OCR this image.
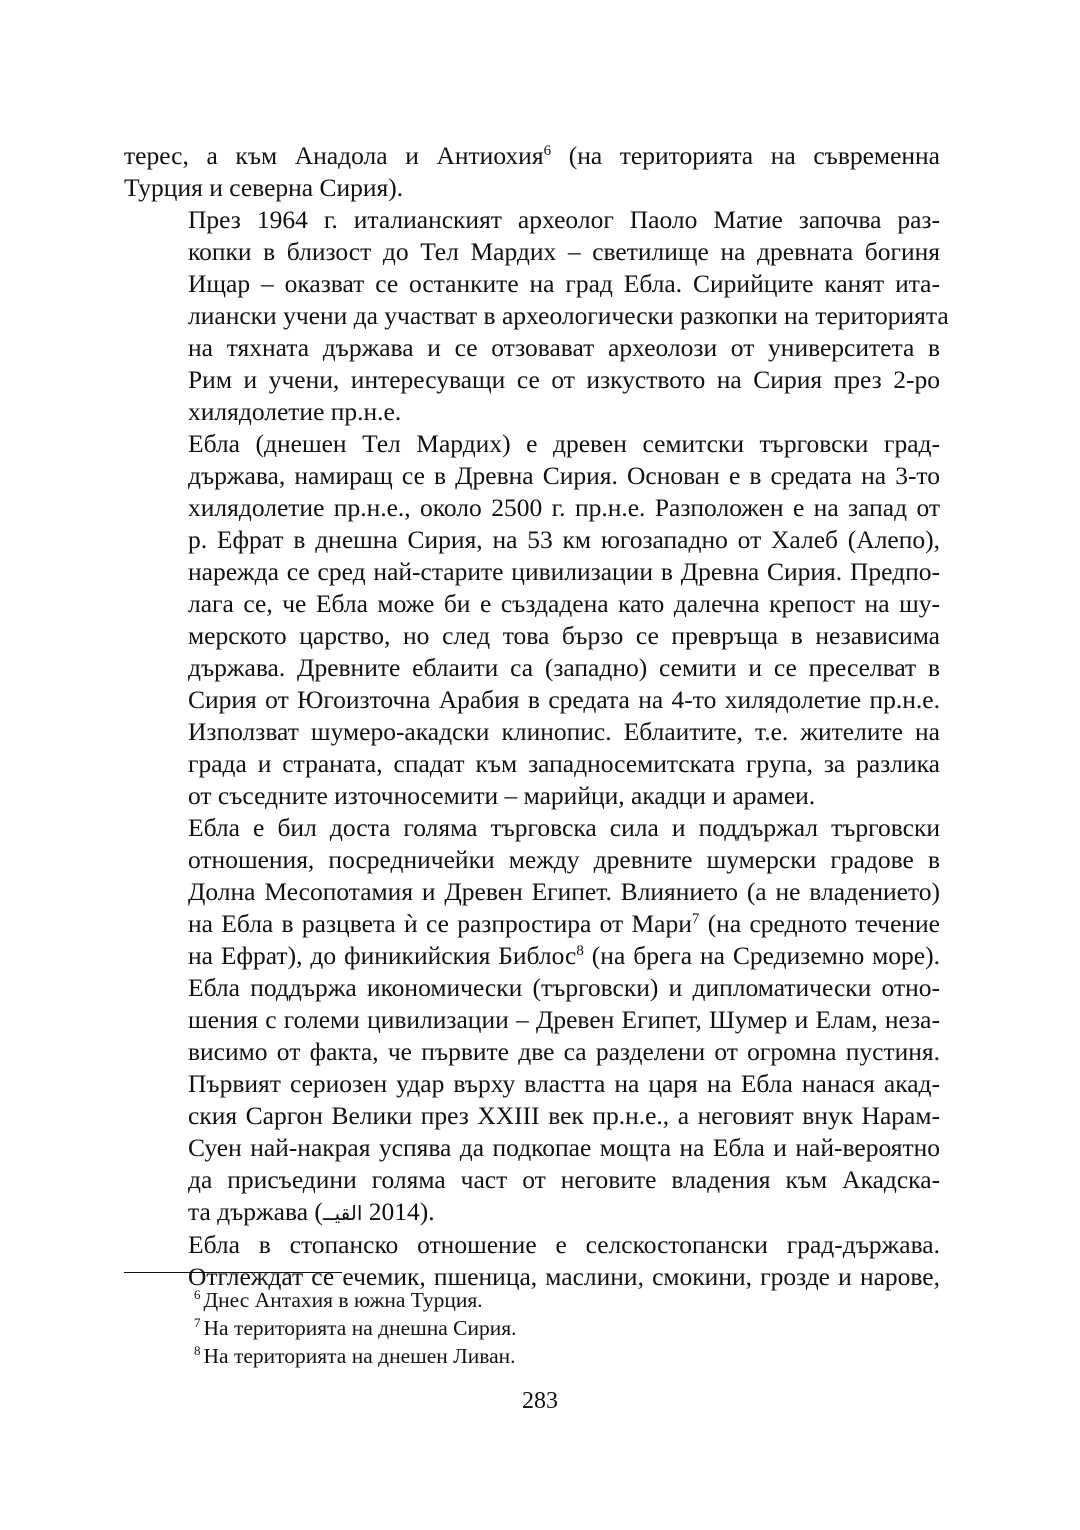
терес, а към Анадола и Антиохия$^6$ (на територията на съвременна
Турция и северна Сирия).

През 1964 г. италианският археолог Паоло Матие започва раз-
копки в близост до Тел Мардих – светилище на древната богиня
Ищар – оказват се останките на град Ебла. Сирийците канят ита-
лиански учени да участват в археологически разкопки на територията
на тяхната държава и се отзовават археолози от университета в
Рим и учени, интересуващи се от изкуството на Сирия през 2-ро
хилядолетие пр.н.е.

Ебла (днешен Тел Мардих) е древен семитски търговски град-
държава, намиращ се в Древна Сирия. Основан е в средата на 3-то
хилядолетие пр.н.е., около 2500 г. пр.н.е. Разположен е на запад от
р. Ефрат в днешна Сирия, на 53 км югозападно от Халеб (Алепо),
нарежда се сред най-старите цивилизации в Древна Сирия. Предпо-
лага се, че Ебла може би е създадена като далечна крепост на шу-
мерското царство, но след това бързо се превръща в независима
държава. Древните еблаити са (западно) семити и се преселват в
Сирия от Югоизточна Арабия в средата на 4-то хилядолетие пр.н.е.
Използват шумеро-акадски клинопис. Еблаитите, т.е. жителите на
града и страната, спадат към западносемитската група, за разлика
от съседните източносемити – марийци, акадци и арамеи.

Ебла е бил доста голяма търговска сила и поддържал търговски
отношения, посредничейки между древните шумерски градове в
Долна Месопотамия и Древен Египет. Влиянието (а не владението)
на Ебла в разцвета ѝ се разпростира от Мари$^7$ (на средното течение
на Ефрат), до финикийския Библос$^8$ (на брега на Средиземно море).
Ебла поддържа икономически (търговски) и дипломатически отно-
шения с големи цивилизации – Древен Египет, Шумер и Елам, неза-
висимо от факта, че първите две са разделени от огромна пустиня.
Първият сериозен удар върху властта на царя на Ебла нанася акад-
ския Саргон Велики през XXIII век пр.н.е., а неговият внук Нарам-
Суен най-накрая успява да подкопае мощта на Ебла и най-вероятно
да присъедини голяма част от неговите владения към Акадска-
та държава (القيــ 2014).

Ебла в стопанско отношение е селскостопански град-държава.
Отглеждат се ечемик, пшеница, маслини, смокини, грозде и нарове,

$^6$ Днес Антахия в южна Турция.

$^7$ На територията на днешна Сирия.

$^8$ На територията на днешен Ливан.

283
